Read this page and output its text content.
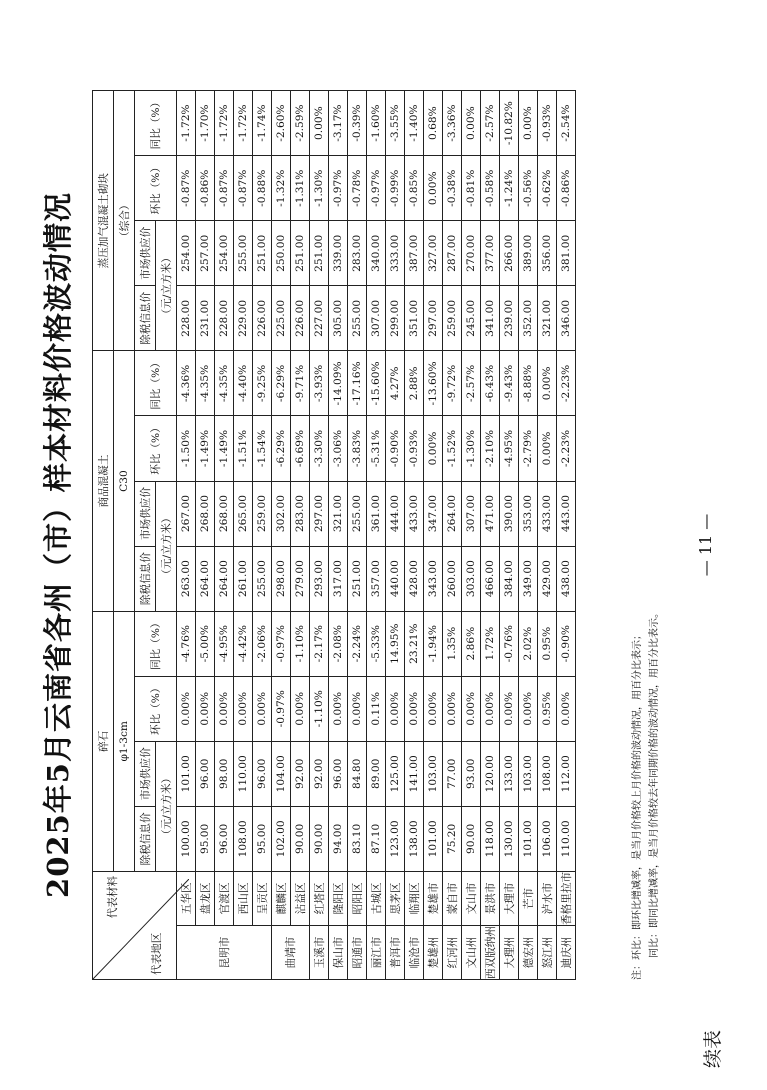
续表
2025年5月云南省各州（市）样本材料价格波动情况	代表材料
代表地区		碎石				商品混凝土				蒸压加气混凝土砌块			
		φ1-3cm				C30				（综合）			
		除税信息价	市场供应价	环比（%）	同比（%）	除税信息价	市场供应价	环比（%）	同比（%）	除税信息价	市场供应价	环比（%）	同比（%）
		（元/立方米）				（元/立方米）				（元/立方米）			
昆明市	五华区	100.00	101.00	0.00%	-4.76%	263.00	267.00	-1.50%	-4.36%	228.00	254.00	-0.87%	-1.72%
	盘龙区	95.00	96.00	0.00%	-5.00%	264.00	268.00	-1.49%	-4.35%	231.00	257.00	-0.86%	-1.70%
	官渡区	96.00	98.00	0.00%	-4.95%	264.00	268.00	-1.49%	-4.35%	228.00	254.00	-0.87%	-1.72%
	西山区	108.00	110.00	0.00%	-4.42%	261.00	265.00	-1.51%	-4.40%	229.00	255.00	-0.87%	-1.72%
	呈贡区	95.00	96.00	0.00%	-2.06%	255.00	259.00	-1.54%	-9.25%	226.00	251.00	-0.88%	-1.74%
曲靖市	麒麟区	102.00	104.00	-0.97%	-0.97%	298.00	302.00	-6.29%	-6.29%	225.00	250.00	-1.32%	-2.60%
	沾益区	90.00	92.00	0.00%	-1.10%	279.00	283.00	-6.69%	-9.71%	226.00	251.00	-1.31%	-2.59%
玉溪市	红塔区	90.00	92.00	-1.10%	-2.17%	293.00	297.00	-3.30%	-3.93%	227.00	251.00	-1.30%	0.00%
保山市	隆阳区	94.00	96.00	0.00%	-2.08%	317.00	321.00	-3.06%	-14.09%	305.00	339.00	-0.97%	-3.17%
昭通市	昭阳区	83.10	84.80	0.00%	-2.24%	251.00	255.00	-3.83%	-17.16%	255.00	283.00	-0.78%	-0.39%
丽江市	古城区	87.10	89.00	0.11%	-5.33%	357.00	361.00	-5.31%	-15.60%	307.00	340.00	-0.97%	-1.60%
普洱市	思茅区	123.00	125.00	0.00%	14.95%	440.00	444.00	-0.90%	4.27%	299.00	333.00	-0.99%	-3.55%
临沧市	临翔区	138.00	141.00	0.00%	23.21%	428.00	433.00	-0.93%	2.88%	351.00	387.00	-0.85%	-1.40%
楚雄州	楚雄市	101.00	103.00	0.00%	-1.94%	343.00	347.00	0.00%	-13.60%	297.00	327.00	0.00%	0.68%
红河州	蒙自市	75.20	77.00	0.00%	1.35%	260.00	264.00	-1.52%	-9.72%	259.00	287.00	-0.38%	-3.36%
文山州	文山市	90.00	93.00	0.00%	2.86%	303.00	307.00	-1.30%	-2.57%	245.00	270.00	-0.81%	0.00%
西双版纳州	景洪市	118.00	120.00	0.00%	1.72%	466.00	471.00	-2.10%	-6.43%	341.00	377.00	-0.58%	-2.57%
大理州	大理市	130.00	133.00	0.00%	-0.76%	384.00	390.00	-4.95%	-9.43%	239.00	266.00	-1.24%	-10.82%
德宏州	芒市	101.00	103.00	0.00%	2.02%	349.00	353.00	-2.79%	-8.88%	352.00	389.00	-0.56%	0.00%
怒江州	泸水市	106.00	108.00	0.95%	0.95%	429.00	433.00	0.00%	0.00%	321.00	356.00	-0.62%	-0.93%
迪庆州	香格里拉市	110.00	112.00	0.00%	-0.90%	438.00	443.00	-2.23%	-2.23%	346.00	381.00	-0.86%	-2.54%
注：环比：即环比增减率，是当月价格较上月价格的波动情况，用百分比表示； 同比：即同比增减率，是当月价格较去年同期价格的波动情况，用百分比表示。
— 11 —
